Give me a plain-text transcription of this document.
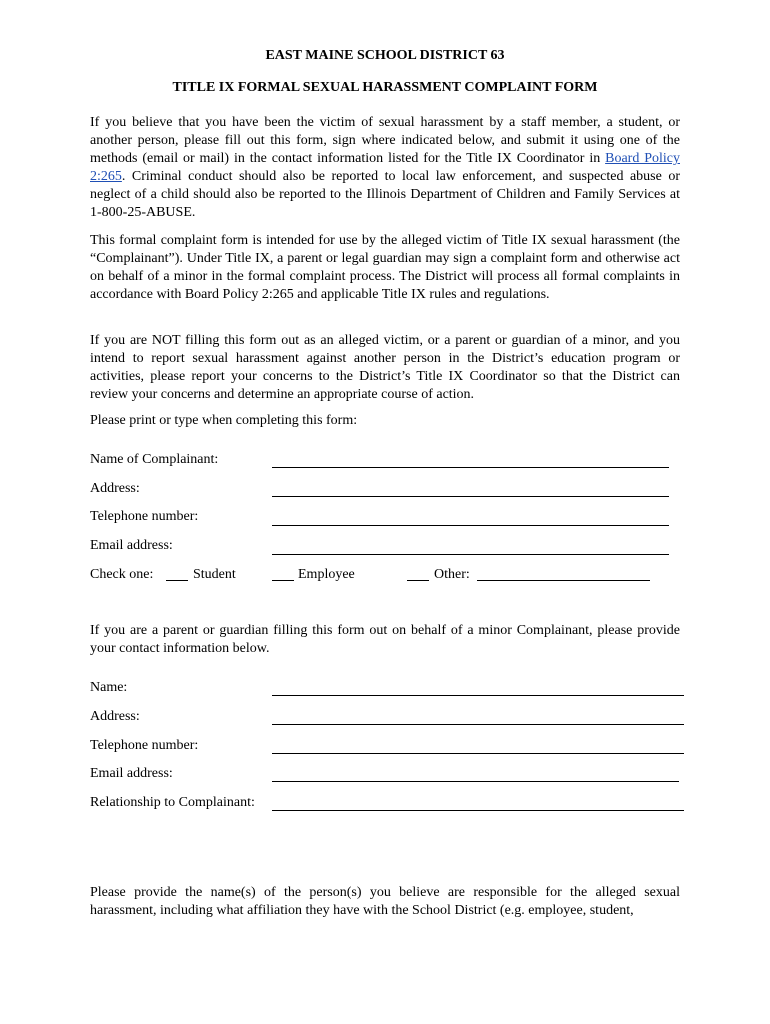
EAST MAINE SCHOOL DISTRICT 63
TITLE IX FORMAL SEXUAL HARASSMENT COMPLAINT FORM

If you believe that you have been the victim of sexual harassment by a staff member, a student, or another person, please fill out this form, sign where indicated below, and submit it using one of the methods (email or mail) in the contact information listed for the Title IX Coordinator in Board Policy 2:265. Criminal conduct should also be reported to local law enforcement, and suspected abuse or neglect of a child should also be reported to the Illinois Department of Children and Family Services at 1-800-25-ABUSE.

This formal complaint form is intended for use by the alleged victim of Title IX sexual harassment (the “Complainant”). Under Title IX, a parent or legal guardian may sign a complaint form and otherwise act on behalf of a minor in the formal complaint process. The District will process all formal complaints in accordance with Board Policy 2:265 and applicable Title IX rules and regulations.

If you are NOT filling this form out as an alleged victim, or a parent or guardian of a minor, and you intend to report sexual harassment against another person in the District’s education program or activities, please report your concerns to the District’s Title IX Coordinator so that the District can review your concerns and determine an appropriate course of action.

Please print or type when completing this form:
Name of Complainant:
Address:
Telephone number:
Email address:
Check one:	Student	Employee	Other:

If you are a parent or guardian filling this form out on behalf of a minor Complainant, please provide your contact information below.

Name:
Address:
Telephone number:
Email address:
Relationship to Complainant:

Please provide the name(s) of the person(s) you believe are responsible for the alleged sexual harassment, including what affiliation they have with the School District (e.g. employee, student,
